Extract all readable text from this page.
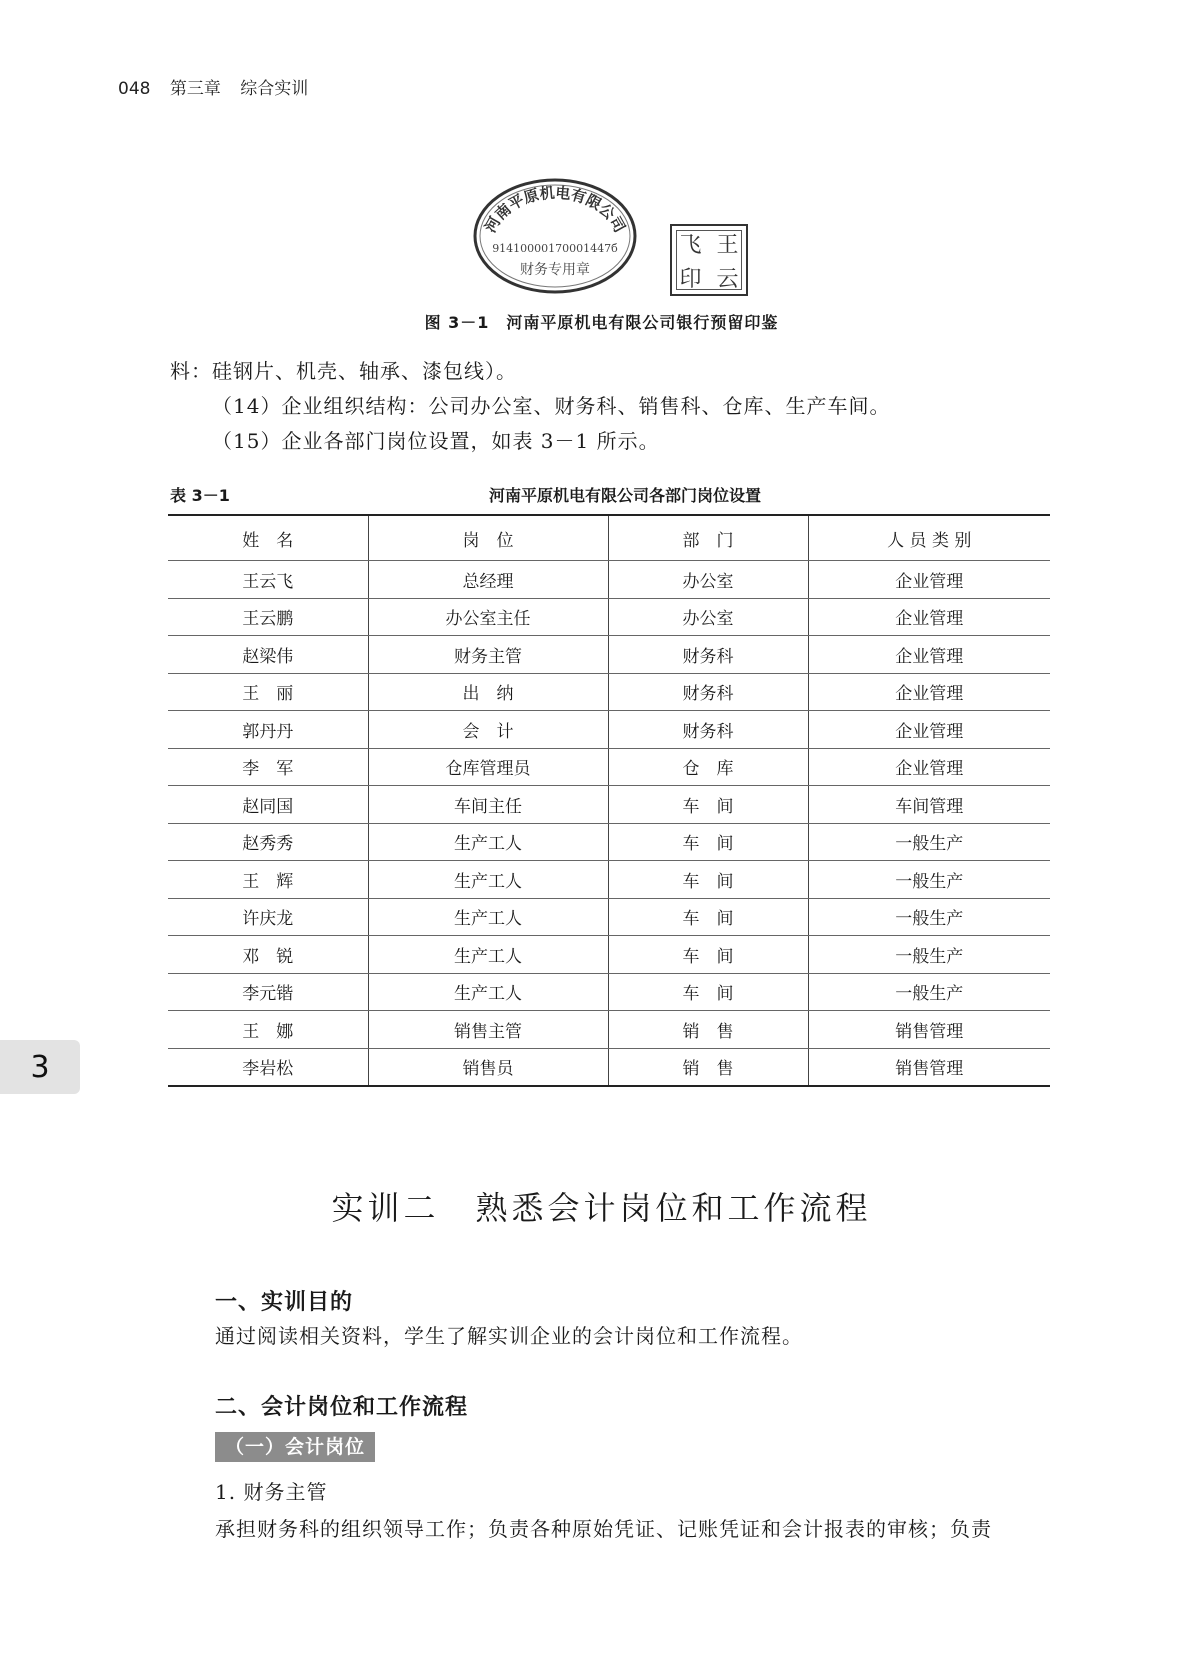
048 第三章 综合实训
河南平原机电有限公司
91410000170001447б
财务专用章
飞 王
印 云
图 3－1　河南平原机电有限公司银行预留印鉴
料：硅钢片、机壳、轴承、漆包线）。
（14）企业组织结构：公司办公室、财务科、销售科、仓库、生产车间。
（15）企业各部门岗位设置，如表 3－1 所示。
表 3－1	河南平原机电有限公司各部门岗位设置
姓　名	岗　位	部　门	人 员 类 别
王云飞	总经理	办公室	企业管理
王云鹏	办公室主任	办公室	企业管理
赵梁伟	财务主管	财务科	企业管理
王　丽	出　纳	财务科	企业管理
郭丹丹	会　计	财务科	企业管理
李　军	仓库管理员	仓　库	企业管理
赵同国	车间主任	车　间	车间管理
赵秀秀	生产工人	车　间	一般生产
王　辉	生产工人	车　间	一般生产
许庆龙	生产工人	车　间	一般生产
邓　锐	生产工人	车　间	一般生产
李元锴	生产工人	车　间	一般生产
王　娜	销售主管	销　售	销售管理
李岩松	销售员	销　售	销售管理
3
实训二 熟悉会计岗位和工作流程
一、实训目的
通过阅读相关资料，学生了解实训企业的会计岗位和工作流程。
二、会计岗位和工作流程
（一）会计岗位
1. 财务主管
承担财务科的组织领导工作；负责各种原始凭证、记账凭证和会计报表的审核；负责
